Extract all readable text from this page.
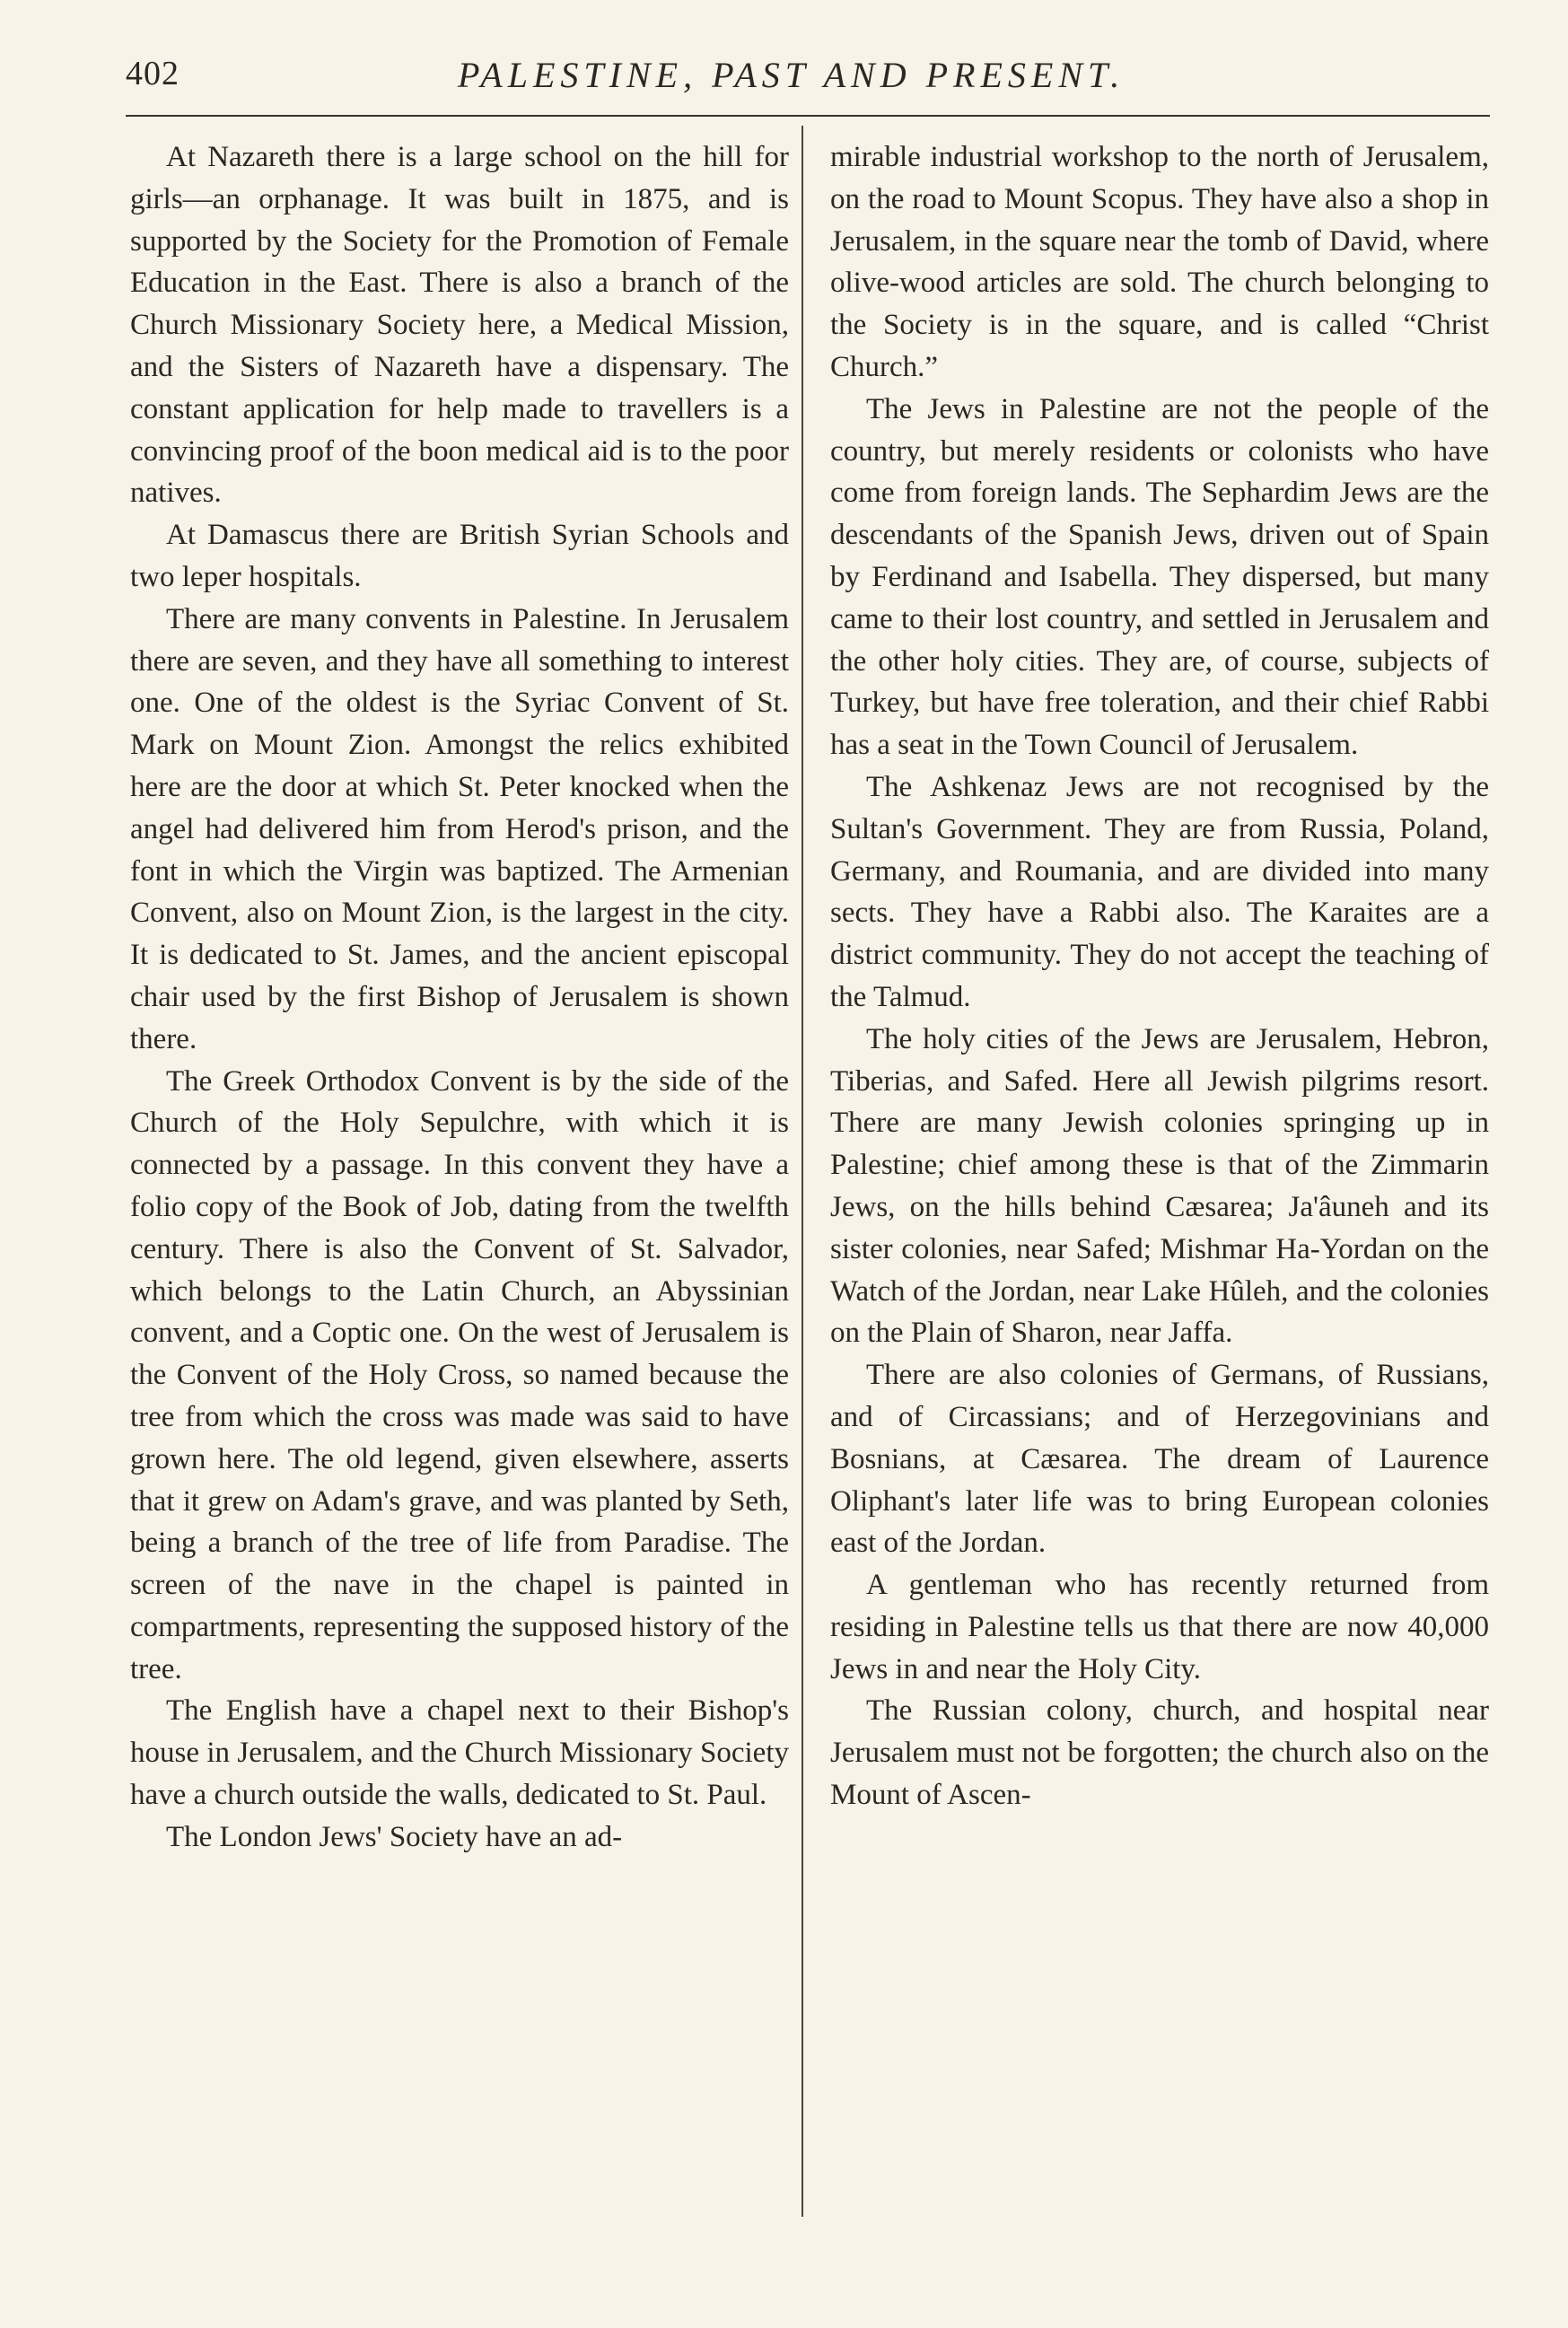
402	PALESTINE, PAST AND PRESENT.

At Nazareth there is a large school on the hill for girls—an orphanage. It was built in 1875, and is supported by the Society for the Promotion of Female Education in the East. There is also a branch of the Church Missionary Society here, a Medical Mission, and the Sisters of Nazareth have a dispensary. The constant application for help made to travellers is a convincing proof of the boon medical aid is to the poor natives.

At Damascus there are British Syrian Schools and two leper hospitals.

There are many convents in Palestine. In Jerusalem there are seven, and they have all something to interest one. One of the oldest is the Syriac Convent of St. Mark on Mount Zion. Amongst the relics exhibited here are the door at which St. Peter knocked when the angel had delivered him from Herod's prison, and the font in which the Virgin was baptized. The Armenian Convent, also on Mount Zion, is the largest in the city. It is dedicated to St. James, and the ancient episcopal chair used by the first Bishop of Jerusalem is shown there.

The Greek Orthodox Convent is by the side of the Church of the Holy Sepulchre, with which it is connected by a passage. In this convent they have a folio copy of the Book of Job, dating from the twelfth century. There is also the Convent of St. Salvador, which belongs to the Latin Church, an Abyssinian convent, and a Coptic one. On the west of Jerusalem is the Convent of the Holy Cross, so named because the tree from which the cross was made was said to have grown here. The old legend, given elsewhere, asserts that it grew on Adam's grave, and was planted by Seth, being a branch of the tree of life from Paradise. The screen of the nave in the chapel is painted in compartments, representing the supposed history of the tree.

The English have a chapel next to their Bishop's house in Jerusalem, and the Church Missionary Society have a church outside the walls, dedicated to St. Paul.

The London Jews' Society have an ad-

mirable industrial workshop to the north of Jerusalem, on the road to Mount Scopus. They have also a shop in Jerusalem, in the square near the tomb of David, where olive-wood articles are sold. The church belonging to the Society is in the square, and is called “Christ Church.”

The Jews in Palestine are not the people of the country, but merely residents or colonists who have come from foreign lands. The Sephardim Jews are the descendants of the Spanish Jews, driven out of Spain by Ferdinand and Isabella. They dispersed, but many came to their lost country, and settled in Jerusalem and the other holy cities. They are, of course, subjects of Turkey, but have free toleration, and their chief Rabbi has a seat in the Town Council of Jerusalem.

The Ashkenaz Jews are not recognised by the Sultan's Government. They are from Russia, Poland, Germany, and Roumania, and are divided into many sects. They have a Rabbi also. The Karaites are a district community. They do not accept the teaching of the Talmud.

The holy cities of the Jews are Jerusalem, Hebron, Tiberias, and Safed. Here all Jewish pilgrims resort. There are many Jewish colonies springing up in Palestine; chief among these is that of the Zimmarin Jews, on the hills behind Cæsarea; Ja'âuneh and its sister colonies, near Safed; Mishmar Ha-Yordan on the Watch of the Jordan, near Lake Hûleh, and the colonies on the Plain of Sharon, near Jaffa.

There are also colonies of Germans, of Russians, and of Circassians; and of Herzegovinians and Bosnians, at Cæsarea. The dream of Laurence Oliphant's later life was to bring European colonies east of the Jordan.

A gentleman who has recently returned from residing in Palestine tells us that there are now 40,000 Jews in and near the Holy City.

The Russian colony, church, and hospital near Jerusalem must not be forgotten; the church also on the Mount of Ascen-
